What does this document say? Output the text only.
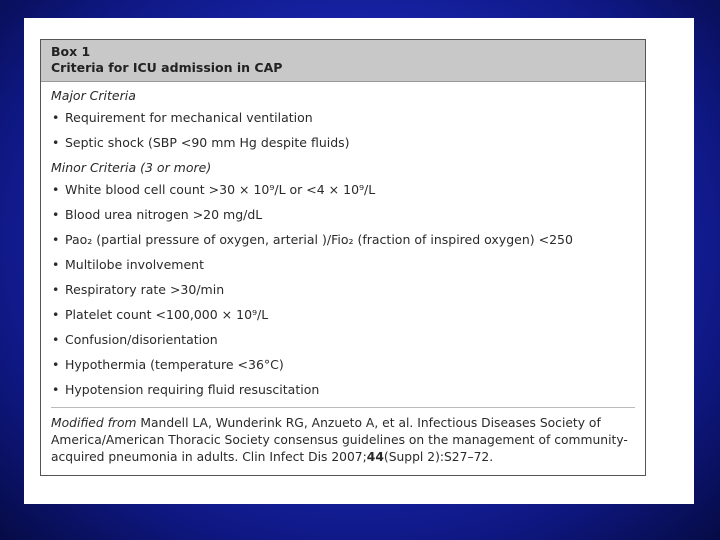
Box 1
Criteria for ICU admission in CAP
Major Criteria
• Requirement for mechanical ventilation
• Septic shock (SBP <90 mm Hg despite fluids)
Minor Criteria (3 or more)
• White blood cell count >30 × 10⁹/L or <4 × 10⁹/L
• Blood urea nitrogen >20 mg/dL
• Pao₂ (partial pressure of oxygen, arterial )/Fio₂ (fraction of inspired oxygen) <250
• Multilobe involvement
• Respiratory rate >30/min
• Platelet count <100,000 × 10⁹/L
• Confusion/disorientation
• Hypothermia (temperature <36°C)
• Hypotension requiring fluid resuscitation
Modified from Mandell LA, Wunderink RG, Anzueto A, et al. Infectious Diseases Society of America/American Thoracic Society consensus guidelines on the management of community-acquired pneumonia in adults. Clin Infect Dis 2007;44(Suppl 2):S27–72.
